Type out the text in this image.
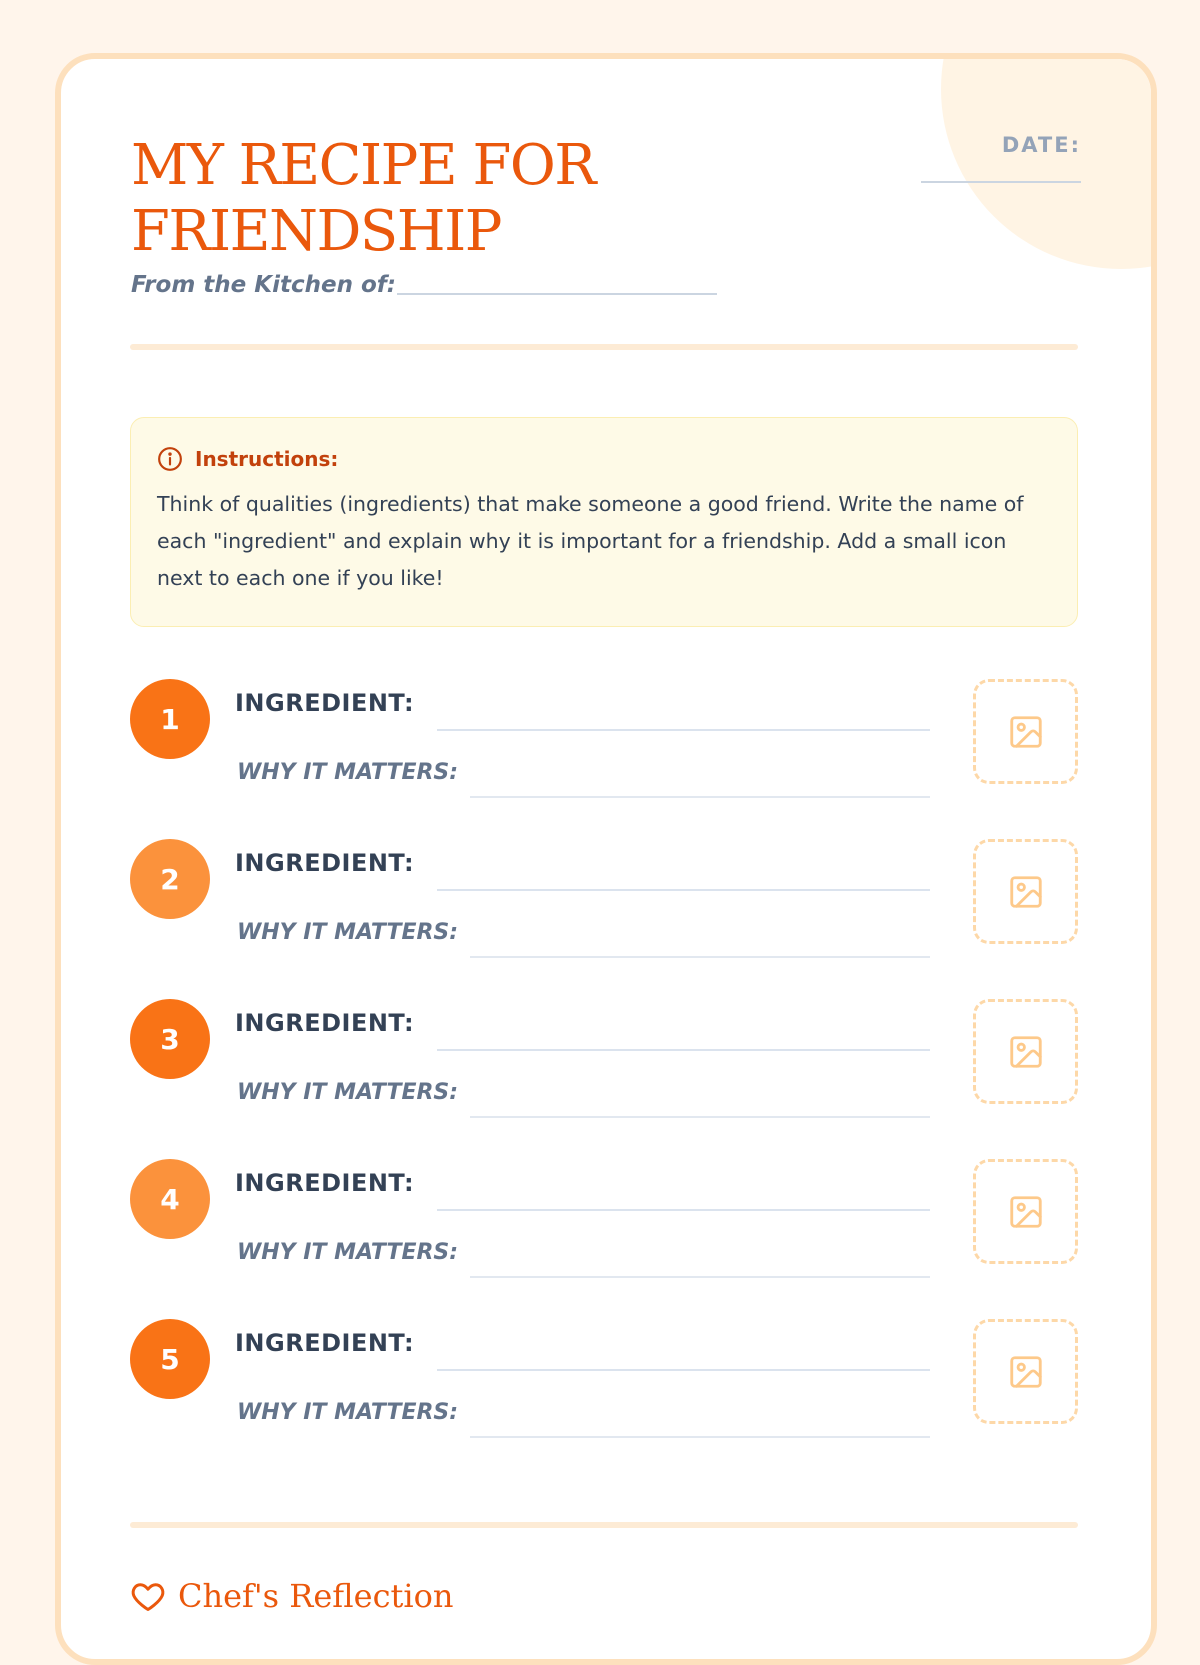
MY RECIPE FOR
FRIENDSHIP
From the Kitchen of:
DATE:
Instructions:
Think of qualities (ingredients) that make someone a good friend. Write the name of each "ingredient" and explain why it is important for a friendship. Add a small icon next to each one if you like!
1	INGREDIENT:
WHY IT MATTERS:
2	INGREDIENT:
WHY IT MATTERS:
3	INGREDIENT:
WHY IT MATTERS:
4	INGREDIENT:
WHY IT MATTERS:
5	INGREDIENT:
WHY IT MATTERS:
Chef's Reflection
